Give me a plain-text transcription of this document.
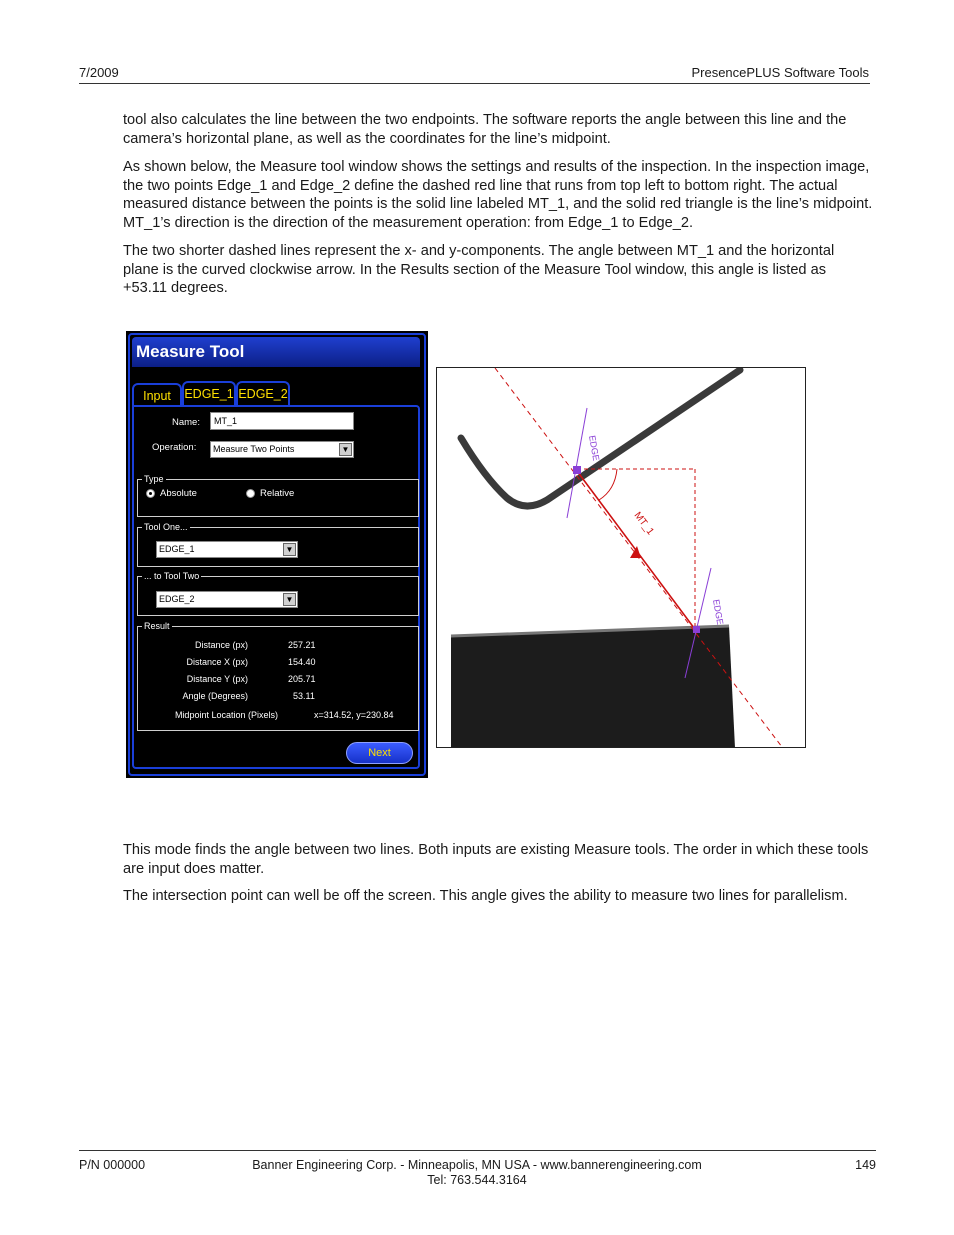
7/2009	PresencePLUS Software Tools

tool also calculates the line between the two endpoints. The software reports the angle between this line and the camera’s horizontal plane, as well as the coordinates for the line’s midpoint.

As shown below, the Measure tool window shows the settings and results of the inspection. In the inspection image, the two points Edge_1 and Edge_2 define the dashed red line that runs from top left to bottom right. The actual measured distance between the points is the solid line labeled MT_1, and the solid red triangle is the line’s midpoint. MT_1’s direction is the direction of the measurement operation: from Edge_1 to Edge_2.

The two shorter dashed lines represent the x- and y-components. The angle between MT_1 and the horizontal plane is the curved clockwise arrow. In the Results section of the Measure Tool window, this angle is listed as +53.11 degrees.

Measure Tool
Input	EDGE_1 EDGE_2
Name:	MT_1
Operation:	Measure Two Points	▼
Type
Absolute	Relative
Tool One...
EDGE_1	▼
... to Tool Two
EDGE_2	▼
Result
Distance (px)	257.21
Distance X (px)	154.40
Distance Y (px)	205.71
Angle (Degrees)	53.11
Midpoint Location (Pixels)	x=314.52, y=230.84
Next
MT_1
EDGE
EDGE

This mode finds the angle between two lines. Both inputs are existing Measure tools. The order in which these tools are input does matter.

The intersection point can well be off the screen. This angle gives the ability to measure two lines for parallelism.

P/N 000000	Banner Engineering Corp. - Minneapolis, MN USA - www.bannerengineering.com
Tel: 763.544.3164
149
